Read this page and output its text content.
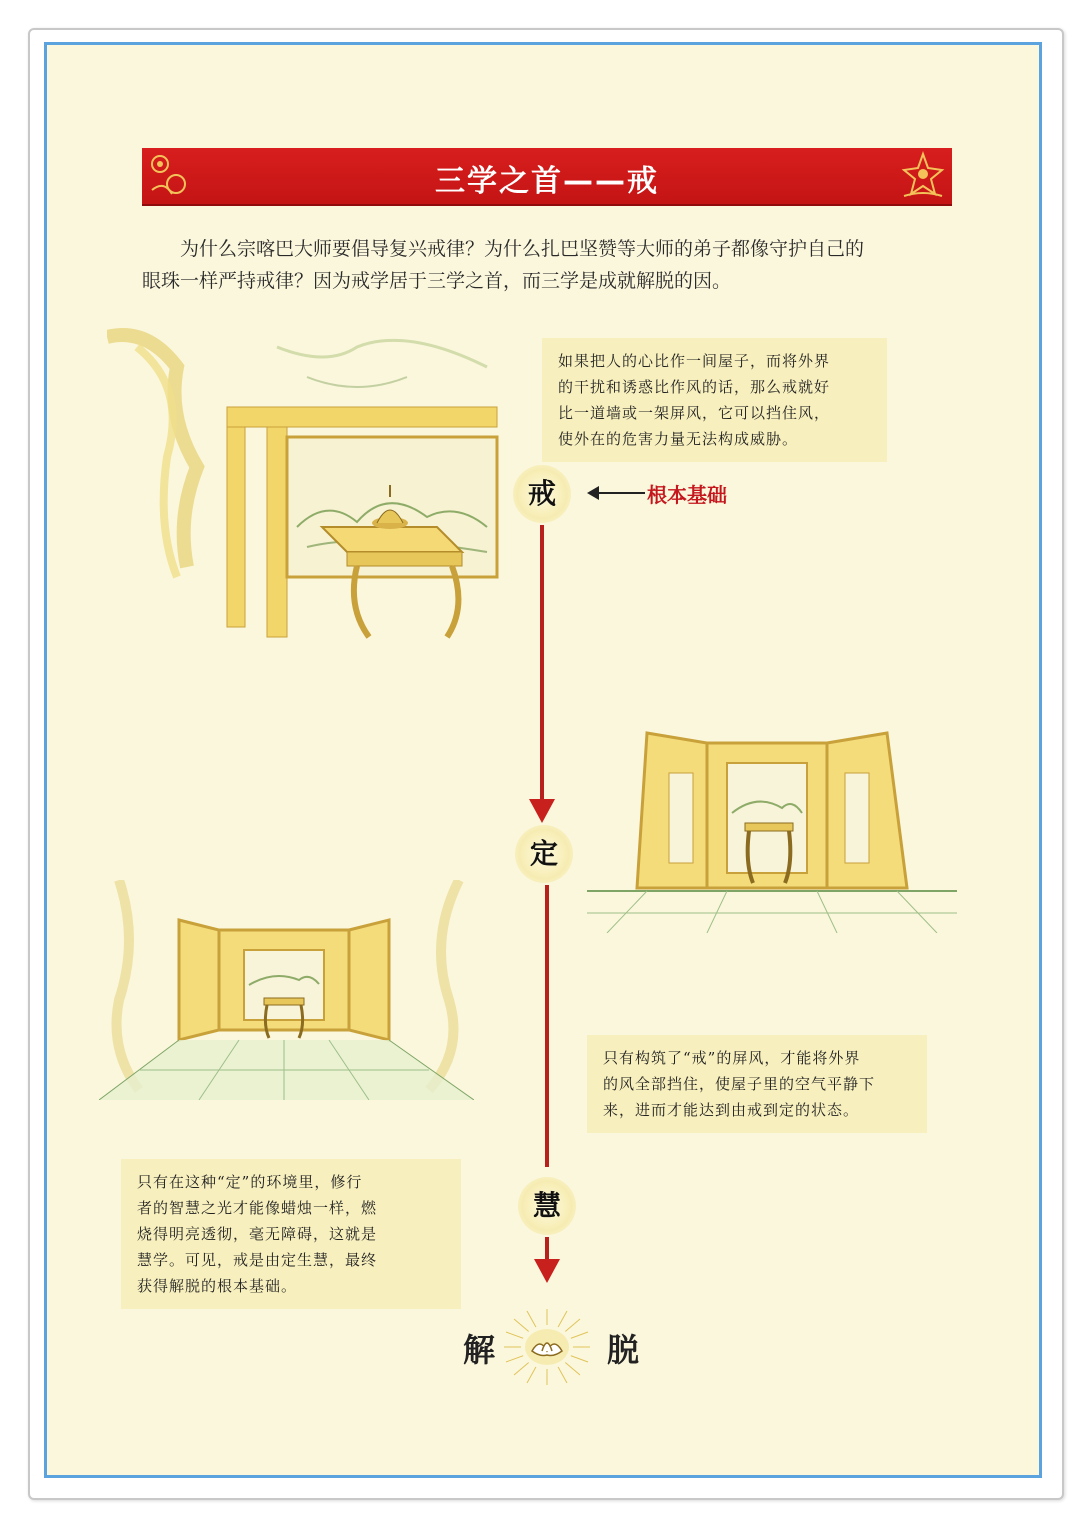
三学之首——戒
为什么宗喀巴大师要倡导复兴戒律？为什么扎巴坚赞等大师的弟子都像守护自己的
眼珠一样严持戒律？因为戒学居于三学之首，而三学是成就解脱的因。
如果把人的心比作一间屋子，而将外界
的干扰和诱惑比作风的话，那么戒就好
比一道墙或一架屏风，它可以挡住风，
使外在的危害力量无法构成威胁。
戒	根本基础
定
只有构筑了“戒”的屏风，才能将外界
的风全部挡住，使屋子里的空气平静下
来，进而才能达到由戒到定的状态。
只有在这种“定”的环境里，修行
者的智慧之光才能像蜡烛一样，燃
烧得明亮透彻，毫无障碍，这就是
慧学。可见，戒是由定生慧，最终
获得解脱的根本基础。
慧
解	脱
